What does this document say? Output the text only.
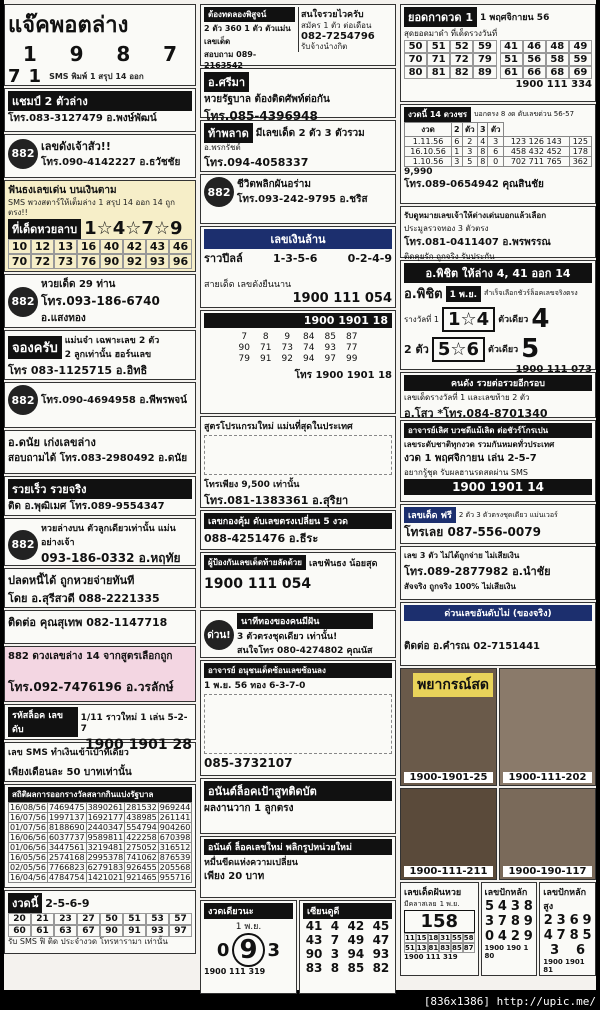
แจ๊คพอตล่าง
1 9 8 7
7 1 SMS พิมพ์ 1 สรุป 14 ออก
แชมป์ 2 ตัวล่าง
โทร.083-3127479 อ.พงษ์พัฒน์
882
เลขดังเจ้าสัว!!
โทร.090-4142227 อ.ธวัชชัย
ฟันธงเลขเด่น บนเงินตาม
SMS พวงสตาร์ให้เต็มล่าง 1 สรุป 14 ออก 14 ถูกตรง!!
ที่เด็ดหวยลาบ 1☆4☆7☆9
10 12 13 16 40 42 43 46
70 72 73 76 90 92 93 96
882
หวยเด็ด 29 ท่าน
โทร.093-186-6740
อ.แสงทอง
จองครับ แม่นจ๋า เฉพาะเลข 2 ตัว
2 ลูกเท่านั้น ฮอร์นเลข
โทร 083-1125715 อ.อิทธิ
882 โทร.090-4694958 อ.พีพรพจน์
อ.ดนัย เก่งเลขล่าง
สอบถามได้ โทร.083-2980492 อ.ดนัย
รวยเร็ว รวยจริง
ติด อ.พุฒิเมศ โทร.089-9554347
882
หวยล่างบน ตัวลูกเดียวเท่านั้น แม่นอย่างเจ้า
093-186-0332 อ.หฤทัย
ปลดหนี้ได้ ถูกหวยจ่ายทันที
โดย อ.สุรีสวดี 088-2221335
ติดต่อ คุณสุเทพ 082-1147718
882 ดวงเลขล่าง 14 จากสูตรเลือกถูก
โทร.092-7476196 อ.วรลักษ์
รหัสล็อค เลขดับ
1/11 ราวใหม่ 1 เล่น 5-2-7
1900 1901 28
เลข SMS ทำเงินเข้าเป้าทีเดียว
เพียงเดือนละ 50 บาทเท่านั้น
สถิติผลการออกรางวัลสลากกินแบ่งรัฐบาล
16/08/56	7469475	3890261	281532	969244
16/07/56	1997137	1692177	438985	261141
01/07/56	8188690	2440347	554794	904260
16/06/56	6037737	9589811	422258	670398
01/06/56	3447561	3219481	275052	316512
16/05/56	2574168	2995378	741062	876539
02/05/56	7766823	6279183	926455	205568
16/04/56	4784754	1421021	921465	955716
งวดนี้ 2-5-6-9
20	21	23	27	50	51	53	57
60	61	63	67	90	91	93	97
รับ SMS ฟิ ติด ประจำงวด โทรหารามา เท่านั้น
ต้องทดลองพิสูจน์
2 ตัว 360 1 ตัว ตัวแม่นเลขเด็ด
สอบถาม 089-2163542
สนใจรวยไวครับ
สมัคร 1 ตัว ต่อเดือน
082-7254796
รับจ้างนำงกิต
อ.ศรีมา
หวยรัฐบาล ต้องติดศัพท์ต่อกัน
โทร.085-4396948
ท้าพลาด มีเลขเด็ด 2 ตัว 3 ตัวรวม
อ.พรกรัชต์
โทร.094-4058337
882
ชีวิตพลิกผันอร่าม
โทร.093-242-9795 อ.ชริส
เลขเงินล้าน
ราวปีลล์	1-3-5-6	0-2-4-9
สายเด็ด เลขดังยืนนาน
1900 111 054
1900 1901 18
7	8	9	84	85	87
90	71	73	74	93	77
79	91	92	94	97	99
โทร 1900 1901 18
สูตรโปรแกรมใหม่ แม่นที่สุดในประเทศ
โทรเพียง 9,500 เท่านั้น
โทร.081-1383361 อ.สุริยา
เลขกองคุ้ม ดับเลขตรงเปลี่ยน 5 งวด
088-4251476 อ.ธีระ
ผู้ป้องกันเลขเด็ดท้ายลัดด้วย เลขฟันธง น้อยสุด
1900 111 054
ด่วน!
นาทีทองของคนมีฝัน
3 ตัวตรงชุดเดียว เท่านั้น!
สนใจโทร 080-4274802 คุณนัส
อาจารย์ อนุชนเด็ดซ้อนเลขซ้อนลง
1 พ.ย. 56 ทอง 6-3-7-0
085-3732107
อนันต์ล็อคเป้าสูทติดบัต
ผลงานวาก 1 ลูกตรง
อนันต์ ล็อคเลขใหม่ พลิกรูปหน่วยใหม่
หมื่นขีดแห่งความเปลี่ยน
เพียง 20 บาท
งวดเดียวนะ
1 พ.ย.
0 9 3
1900 111 319
เซียนดูดี
41 4 42 45
43 7 49 47
90 3 94 93
83 8 85 82
ยอดกาดวด 1 1 พฤศจิกายน 56
สุดยอดมาดำ ที่เด็ดรวงวันที่
50 51 52 59
70 71 72 79
80 81 82 89
41 46 48 49
51 56 58 59
61 66 68 69
1900 111 334
งวดนี้ 14 ดวงชร	บอกตรง 8 งด ดับเลขด่วน 56-57
งวด	2	ตัว	3	ตัว		
1.11.56	6	2	4	3	123 126 143	125
16.10.56	1	3	8	6	458 432 452	178
1.10.56	3	5	8	0	702 711 765	362
9,990
โทร.089-0654942 คุณสินชัย
รับดูหมายเลขเจ้าให้ต่างเด่นบอกแล้วเลือก
ประมูลรวจทอง 3 ตัวตรง
โทร.081-0411407 อ.พรพรรณ
ติดคุยรัก ถูกจริง รับประกัน
อ.พิชิต ให้ล่าง 4, 41 ออก 14
อ.พิชิต 1 พ.ย.	สำเร็จเลือกชัวร์ล็อคเลขจริงตรง
รางวัลที่ 1 1☆4	ตัวเดียว 4
2 ตัว 5☆6	ตัวเดียว 5
1900 111 073
คนดัง รวยต่อรวยอีกรอบ
เลขเด็ดรางวัลที่ 1 และเลขท้าย 2 ตัว
อ.โสว *โทร.084-8701340
อาจารย์เลิศ บวชดีแม้เลิด ต่อชัวร์โกรเปน
เลขระดับชาติทุกงวด รวมกันหมดทั่วประเทศ
งวด 1 พฤศจิกายน เล่น 2-5-7
อยากรู้ชุด รับผลฮานรดสดผ่าน SMS
1900 1901 14
เลขเด็ด ฟรี	2 ตัว 3 ตัวตรงชุดเดียว แม่นเวอร์
โทรเลย 087-556-0079
เลข 3 ตัว ไม่ได้ถูกจ่าย ไม่เสียเงิน
โทร.089-2877982 อ.นำชัย
สัจจริง ถูกจริง 100% ไม่เสียเงิน
ด่วนเลขอันดับไม่ (ของจริง)
ติดต่อ อ.คำรณ 02-7151441
พยากรณ์สด
1900-1901-25	1900-111-202
1900-111-211	1900-190-117
เลขเด็ดฝันหวย
มีคลาสเลย 1 พ.ย.
158
11 15 18 31 55 58
51 13 81 83 85 87
1900 111 319
เลขปักหลัก
5 4 3 8
3 7 8 9
0 4 2 9
1900 190 1 80
เลขปักหลักสูง
2 3 6 9
4 7 8 5
3 6
1900 1901 81
[836x1386] http://upic.me/
